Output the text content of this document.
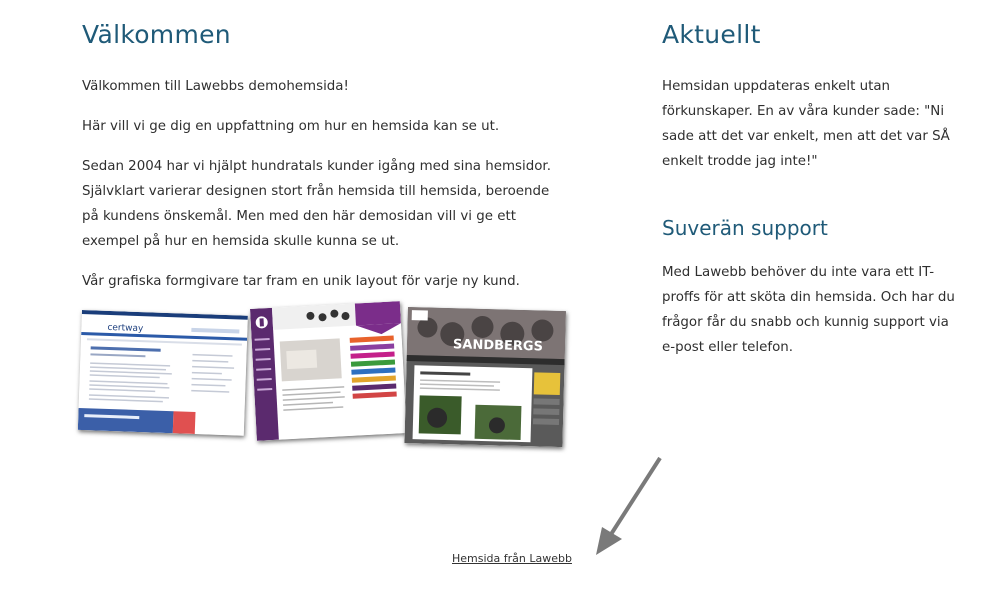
Välkommen

Välkommen till Lawebbs demohemsida!

Här vill vi ge dig en uppfattning om hur en hemsida kan se ut.

Sedan 2004 har vi hjälpt hundratals kunder igång med sina hemsidor. Självklart varierar designen stort från hemsida till hemsida, beroende på kundens önskemål. Men med den här demosidan vill vi ge ett exempel på hur en hemsida skulle kunna se ut.

Vår grafiska formgivare tar fram en unik layout för varje ny kund.

certway
SANDBERGS
Aktuellt

Hemsidan uppdateras enkelt utan förkunskaper. En av våra kunder sade: "Ni sade att det var enkelt, men att det var SÅ enkelt trodde jag inte!"

Suverän support

Med Lawebb behöver du inte vara ett IT-proffs för att sköta din hemsida. Och har du frågor får du snabb och kunnig support via e-post eller telefon.

Hemsida från Lawebb
